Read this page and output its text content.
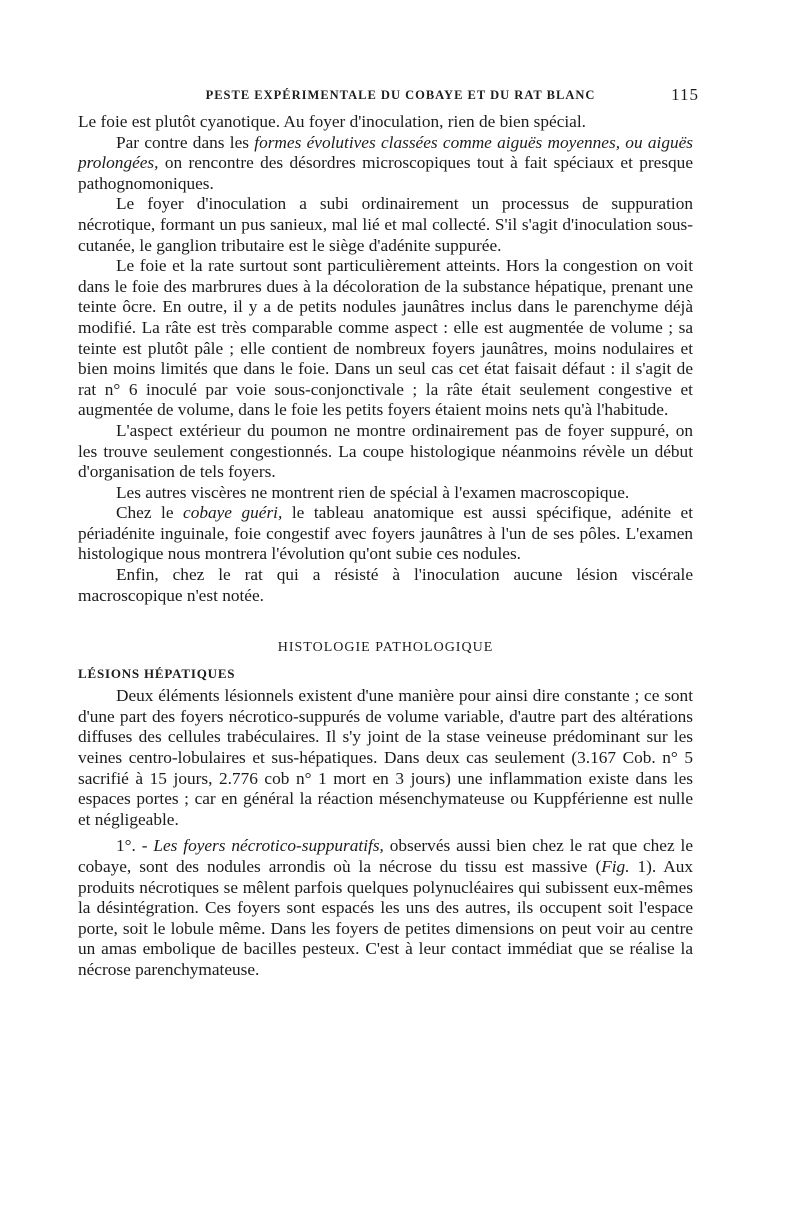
PESTE EXPÉRIMENTALE DU COBAYE ET DU RAT BLANC	115

Le foie est plutôt cyanotique. Au foyer d'inoculation, rien de bien spécial.

Par contre dans les formes évolutives classées comme aiguës moyennes, ou aiguës prolongées, on rencontre des désordres microscopiques tout à fait spéciaux et presque pathognomoniques.

Le foyer d'inoculation a subi ordinairement un processus de suppuration nécrotique, formant un pus sanieux, mal lié et mal collecté. S'il s'agit d'inoculation sous-cutanée, le ganglion tributaire est le siège d'adénite suppurée.

Le foie et la rate surtout sont particulièrement atteints. Hors la congestion on voit dans le foie des marbrures dues à la décoloration de la substance hépatique, prenant une teinte ôcre. En outre, il y a de petits nodules jaunâtres inclus dans le parenchyme déjà modifié. La râte est très comparable comme aspect : elle est augmentée de volume ; sa teinte est plutôt pâle ; elle contient de nombreux foyers jaunâtres, moins nodulaires et bien moins limités que dans le foie. Dans un seul cas cet état faisait défaut : il s'agit de rat n° 6 inoculé par voie sous-conjonctivale ; la râte était seulement congestive et augmentée de volume, dans le foie les petits foyers étaient moins nets qu'à l'habitude.

L'aspect extérieur du poumon ne montre ordinairement pas de foyer suppuré, on les trouve seulement congestionnés. La coupe histologique néanmoins révèle un début d'organisation de tels foyers.

Les autres viscères ne montrent rien de spécial à l'examen macroscopique.

Chez le cobaye guéri, le tableau anatomique est aussi spécifique, adénite et périadénite inguinale, foie congestif avec foyers jaunâtres à l'un de ses pôles. L'examen histologique nous montrera l'évolution qu'ont subie ces nodules.

Enfin, chez le rat qui a résisté à l'inoculation aucune lésion viscérale macroscopique n'est notée.

HISTOLOGIE PATHOLOGIQUE
LÉSIONS HÉPATIQUES

Deux éléments lésionnels existent d'une manière pour ainsi dire constante ; ce sont d'une part des foyers nécrotico-suppurés de volume variable, d'autre part des altérations diffuses des cellules trabéculaires. Il s'y joint de la stase veineuse prédominant sur les veines centro-lobulaires et sus-hépatiques. Dans deux cas seulement (3.167 Cob. n° 5 sacrifié à 15 jours, 2.776 cob n° 1 mort en 3 jours) une inflammation existe dans les espaces portes ; car en général la réaction mésenchymateuse ou Kuppférienne est nulle et négligeable.

1°. - Les foyers nécrotico-suppuratifs, observés aussi bien chez le rat que chez le cobaye, sont des nodules arrondis où la nécrose du tissu est massive (Fig. 1). Aux produits nécrotiques se mêlent parfois quelques polynucléaires qui subissent eux-mêmes la désintégration. Ces foyers sont espacés les uns des autres, ils occupent soit l'espace porte, soit le lobule même. Dans les foyers de petites dimensions on peut voir au centre un amas embolique de bacilles pesteux. C'est à leur contact immédiat que se réalise la nécrose parenchymateuse.
